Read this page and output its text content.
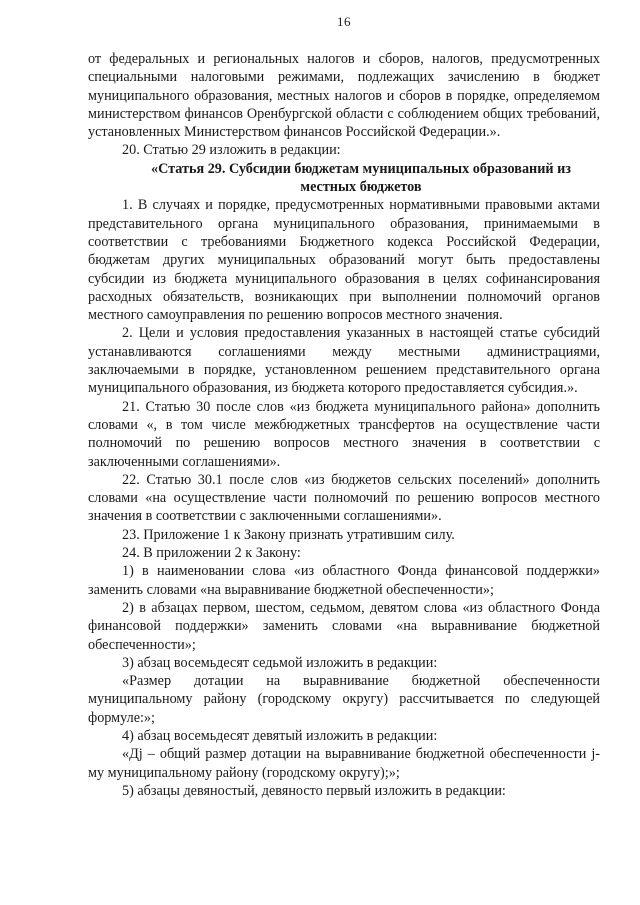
16

от федеральных и региональных налогов и сборов, налогов, предусмотренных специальными налоговыми режимами, подлежащих зачислению в бюджет муниципального образования, местных налогов и сборов в порядке, определяемом министерством финансов Оренбургской области с соблюдением общих требований, установленных Министерством финансов Российской Федерации.».

20. Статью 29 изложить в редакции:

«Статья 29. Субсидии бюджетам муниципальных образований из местных бюджетов

1. В случаях и порядке, предусмотренных нормативными правовыми актами представительного органа муниципального образования, принимаемыми в соответствии с требованиями Бюджетного кодекса Российской Федерации, бюджетам других муниципальных образований могут быть предоставлены субсидии из бюджета муниципального образования в целях софинансирования расходных обязательств, возникающих при выполнении полномочий органов местного самоуправления по решению вопросов местного значения.

2. Цели и условия предоставления указанных в настоящей статье субсидий устанавливаются соглашениями между местными администрациями, заключаемыми в порядке, установленном решением представительного органа муниципального образования, из бюджета которого предоставляется субсидия.».

21. Статью 30 после слов «из бюджета муниципального района» дополнить словами «, в том числе межбюджетных трансфертов на осуществление части полномочий по решению вопросов местного значения в соответствии с заключенными соглашениями».

22. Статью 30.1 после слов «из бюджетов сельских поселений» дополнить словами «на осуществление части полномочий по решению вопросов местного значения в соответствии с заключенными соглашениями».

23. Приложение 1 к Закону признать утратившим силу.

24. В приложении 2 к Закону:

1) в наименовании слова «из областного Фонда финансовой поддержки» заменить словами «на выравнивание бюджетной обеспеченности»;

2) в абзацах первом, шестом, седьмом, девятом слова «из областного Фонда финансовой поддержки» заменить словами «на выравнивание бюджетной обеспеченности»;

3) абзац восемьдесят седьмой изложить в редакции:

«Размер дотации на выравнивание бюджетной обеспеченности муниципальному району (городскому округу) рассчитывается по следующей формуле:»;

4) абзац восемьдесят девятый изложить в редакции:

«Дj – общий размер дотации на выравнивание бюджетной обеспеченности j-му муниципальному району (городскому округу);»;

5) абзацы девяностый, девяносто первый изложить в редакции:
